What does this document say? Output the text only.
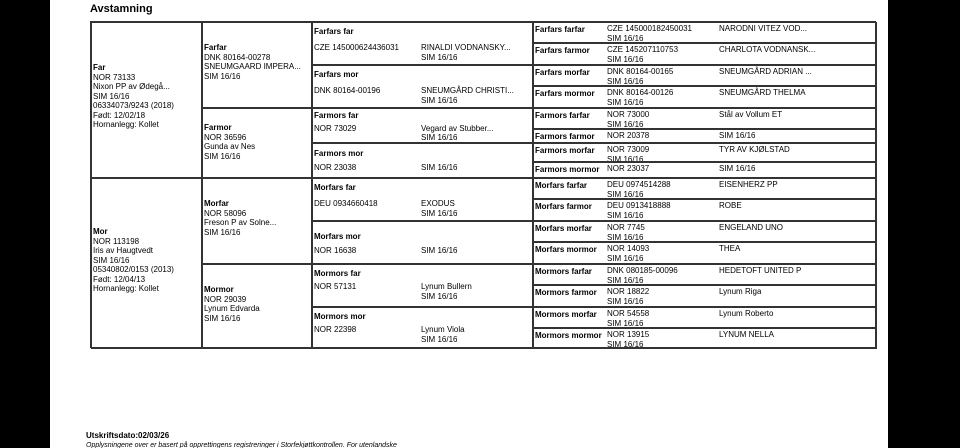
Avstamning
Far
NOR 73133
Nixon PP av Ødegå...
SIM 16/16
06334073/9243 (2018)
Født: 12/02/18
Hornanlegg: Kollet
Mor
NOR 113198
Iris av Haugtvedt
SIM 16/16
05340802/0153 (2013)
Født: 12/04/13
Hornanlegg: Kollet
Farfar
DNK 80164-00278
SNEUMGAARD IMPERA...
SIM 16/16
Farmor
NOR 36596
Gunda av Nes
SIM 16/16
Morfar
NOR 58096
Freson P av Solne...
SIM 16/16
Mormor
NOR 29039
Lynum Edvarda
SIM 16/16
Farfars far
CZE 145000624436031	RINALDI VODNANSKY...
SIM 16/16
Farfars mor
DNK 80164-00196	SNEUMGÅRD CHRISTI...
SIM 16/16
Farmors far
NOR 73029	Vegard av Stubber...
SIM 16/16
Farmors mor
NOR 23038	SIM 16/16
Morfars far
DEU 0934660418	EXODUS
SIM 16/16
Morfars mor
NOR 16638	SIM 16/16
Mormors far
NOR 57131	Lynum Bullern
SIM 16/16
Mormors mor
NOR 22398	Lynum Viola
SIM 16/16
Farfars farfar	CZE 145000182450031	NARODNI VITEZ VOD...
SIM 16/16
Farfars farmor CZE 145207110753	CHARLOTA VODNANSK...
SIM 16/16
Farfars morfar DNK 80164-00165	SNEUMGÅRD ADRIAN ...
SIM 16/16
Farfars mormor DNK 80164-00126	SNEUMGÅRD THELMA
SIM 16/16
Farmors farfar NOR 73000	Stål av Vollum ET
SIM 16/16
Farmors farmor NOR 20378	SIM 16/16
Farmors morfar NOR 73009	TYR AV KJØLSTAD
SIM 16/16
Farmors mormor NOR 23037	SIM 16/16
Morfars farfar DEU 0974514288	EISENHERZ PP
SIM 16/16
Morfars farmor DEU 0913418888	ROBE
SIM 16/16
Morfars morfar NOR 7745	ENGELAND UNO
SIM 16/16
Morfars mormor NOR 14093	THEA
SIM 16/16
Mormors farfar DNK 080185-00096	HEDETOFT UNITED P
SIM 16/16
Mormors farmor NOR 18822	Lynum Riga
SIM 16/16
Mormors morfar NOR 54558	Lynum Roberto
SIM 16/16
Mormors mormor NOR 13915	LYNUM NELLA
SIM 16/16
Utskriftsdato:02/03/26
Opplysningene over er basert på opprettingens registreringer i Storfekjøttkontrollen. For utenlandske
